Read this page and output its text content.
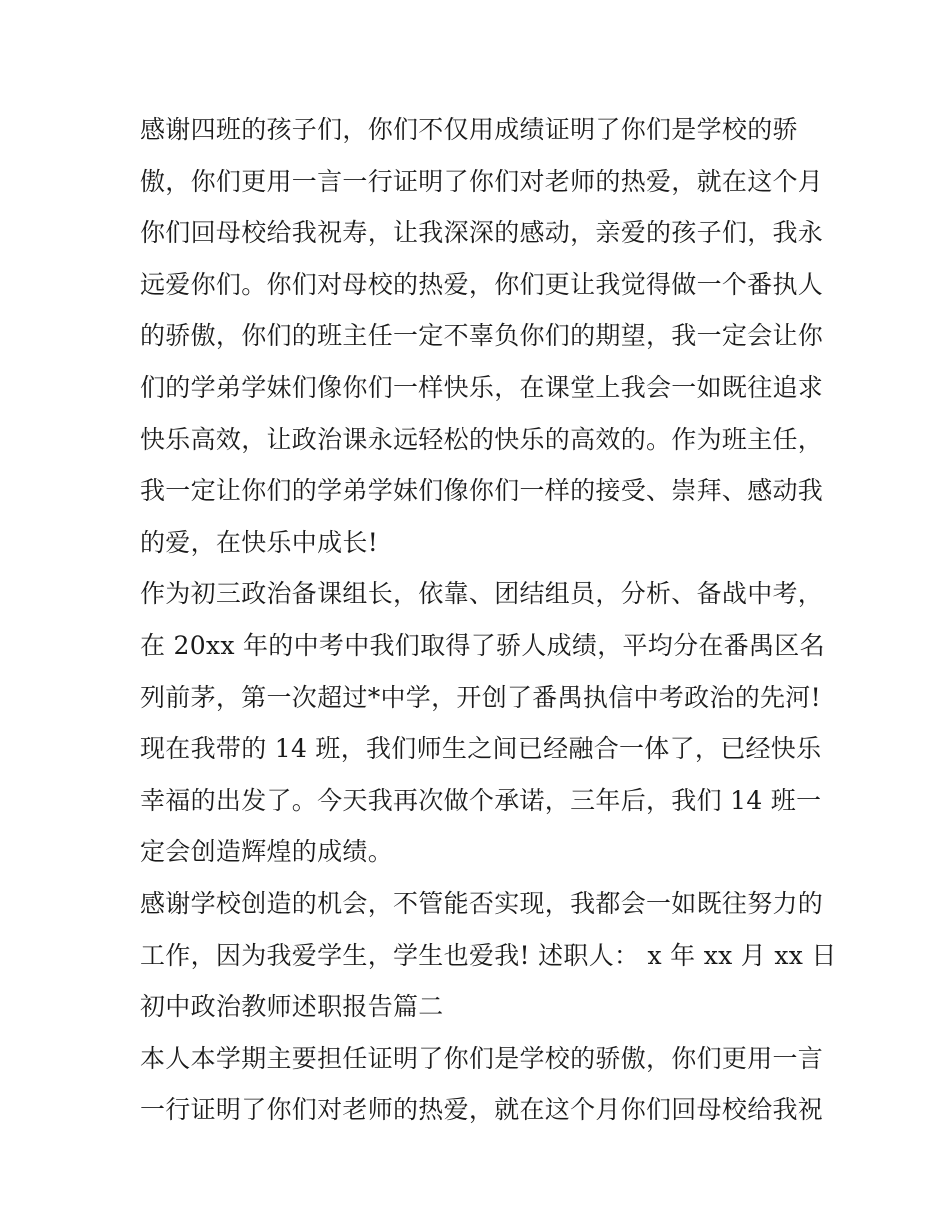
感谢四班的孩子们，你们不仅用成绩证明了你们是学校的骄
傲，你们更用一言一行证明了你们对老师的热爱，就在这个月
你们回母校给我祝寿，让我深深的感动，亲爱的孩子们，我永
远爱你们。你们对母校的热爱，你们更让我觉得做一个番执人
的骄傲，你们的班主任一定不辜负你们的期望，我一定会让你
们的学弟学妹们像你们一样快乐，在课堂上我会一如既往追求
快乐高效，让政治课永远轻松的快乐的高效的。作为班主任，
我一定让你们的学弟学妹们像你们一样的接受、崇拜、感动我
的爱，在快乐中成长!
作为初三政治备课组长，依靠、团结组员，分析、备战中考，
在 20xx 年的中考中我们取得了骄人成绩，平均分在番禺区名
列前茅，第一次超过*中学，开创了番禺执信中考政治的先河!
现在我带的 14 班，我们师生之间已经融合一体了，已经快乐
幸福的出发了。今天我再次做个承诺，三年后，我们 14 班一
定会创造辉煌的成绩。
感谢学校创造的机会，不管能否实现，我都会一如既往努力的
工作，因为我爱学生，学生也爱我! 述职人： x 年 xx 月 xx 日
初中政治教师述职报告篇二
本人本学期主要担任证明了你们是学校的骄傲，你们更用一言
一行证明了你们对老师的热爱，就在这个月你们回母校给我祝
